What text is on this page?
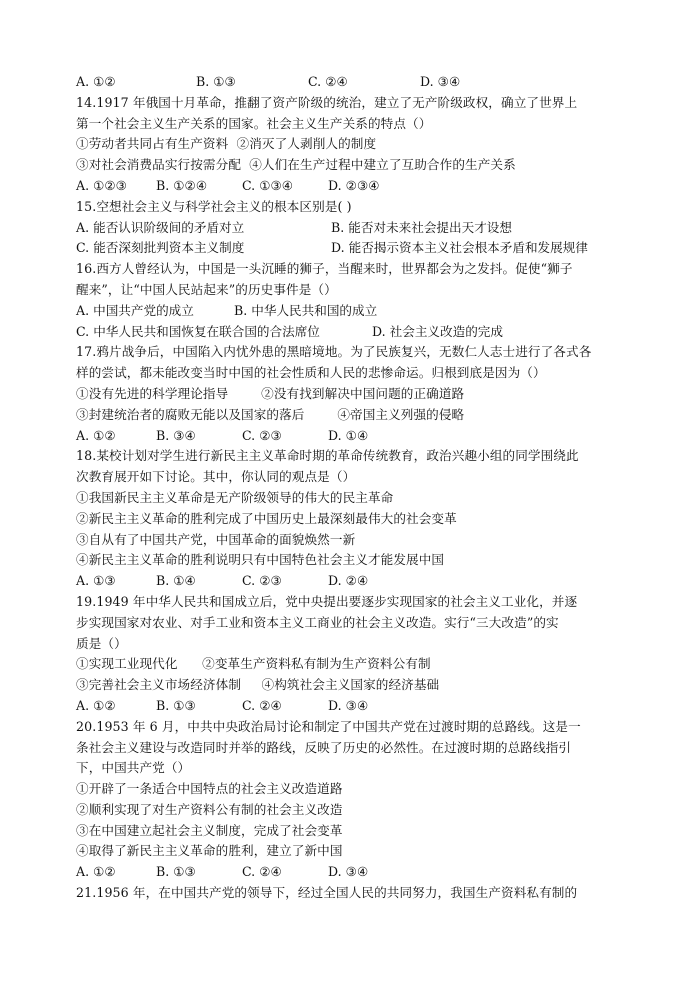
A. ①②	B. ①③	C. ②④	D. ③④
14.1917 年俄国十月革命，推翻了资产阶级的统治，建立了无产阶级政权，确立了世界上
第一个社会主义生产关系的国家。社会主义生产关系的特点（）
①劳动者共同占有生产资料  ②消灭了人剥削人的制度
③对社会消费品实行按需分配  ④人们在生产过程中建立了互助合作的生产关系
A. ①②③	B. ①②④	C. ①③④	D. ②③④
15.空想社会主义与科学社会主义的根本区别是( )
A. 能否认识阶级间的矛盾对立	B. 能否对未来社会提出天才设想
C. 能否深刻批判资本主义制度	D. 能否揭示资本主义社会根本矛盾和发展规律
16.西方人曾经认为，中国是一头沉睡的狮子，当醒来时，世界都会为之发抖。促使“狮子
醒来”，让“中国人民站起来”的历史事件是（）
A. 中国共产党的成立	B. 中华人民共和国的成立
C. 中华人民共和国恢复在联合国的合法席位	D. 社会主义改造的完成
17.鸦片战争后，中国陷入内忧外患的黑暗境地。为了民族复兴，无数仁人志士进行了各式各
样的尝试，都未能改变当时中国的社会性质和人民的悲惨命运。归根到底是因为（）
①没有先进的科学理论指导        ②没有找到解决中国问题的正确道路
③封建统治者的腐败无能以及国家的落后        ④帝国主义列强的侵略
A. ①②	B. ③④	C. ②③	D. ①④
18.某校计划对学生进行新民主主义革命时期的革命传统教育，政治兴趣小组的同学围绕此
次教育展开如下讨论。其中，你认同的观点是（）
①我国新民主主义革命是无产阶级领导的伟大的民主革命
②新民主主义革命的胜利完成了中国历史上最深刻最伟大的社会变革
③自从有了中国共产党，中国革命的面貌焕然一新
④新民主主义革命的胜利说明只有中国特色社会主义才能发展中国
A. ①③	B. ①④	C. ②③	D. ②④
19.1949 年中华人民共和国成立后，党中央提出要逐步实现国家的社会主义工业化，并逐
步实现国家对农业、对手工业和资本主义工商业的社会主义改造。实行“三大改造”的实
质是（）
①实现工业现代化      ②变革生产资料私有制为生产资料公有制
③完善社会主义市场经济体制     ④构筑社会主义国家的经济基础
A. ①②	B. ①③	C. ②④	D. ③④
20.1953 年 6 月，中共中央政治局讨论和制定了中国共产党在过渡时期的总路线。这是一
条社会主义建设与改造同时并举的路线，反映了历史的必然性。在过渡时期的总路线指引
下，中国共产党（）
①开辟了一条适合中国特点的社会主义改造道路
②顺利实现了对生产资料公有制的社会主义改造
③在中国建立起社会主义制度，完成了社会变革
④取得了新民主主义革命的胜利，建立了新中国
A. ①②	B. ①③	C. ②④	D. ③④
21.1956 年，在中国共产党的领导下，经过全国人民的共同努力，我国生产资料私有制的
